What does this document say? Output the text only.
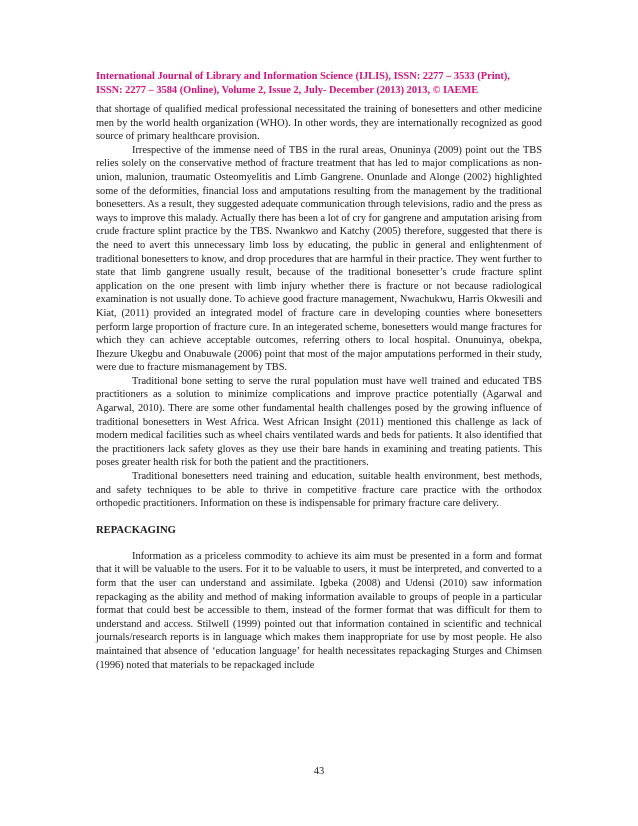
International Journal of Library and Information Science (IJLIS), ISSN: 2277 – 3533 (Print),
ISSN: 2277 – 3584 (Online), Volume 2, Issue 2, July- December (2013) 2013, © IAEME

that shortage of qualified medical professional necessitated the training of bonesetters and other medicine men by the world health organization (WHO). In other words, they are internationally recognized as good source of primary healthcare provision.

Irrespective of the immense need of TBS in the rural areas, Onuninya (2009) point out the TBS relies solely on the conservative method of fracture treatment that has led to major complications as non-union, malunion, traumatic Osteomyelitis and Limb Gangrene. Onunlade and Alonge (2002) highlighted some of the deformities, financial loss and amputations resulting from the management by the traditional bonesetters. As a result, they suggested adequate communication through televisions, radio and the press as ways to improve this malady. Actually there has been a lot of cry for gangrene and amputation arising from crude fracture splint practice by the TBS. Nwankwo and Katchy (2005) therefore, suggested that there is the need to avert this unnecessary limb loss by educating, the public in general and enlightenment of traditional bonesetters to know, and drop procedures that are harmful in their practice. They went further to state that limb gangrene usually result, because of the traditional bonesetter’s crude fracture splint application on the one present with limb injury whether there is fracture or not because radiological examination is not usually done. To achieve good fracture management, Nwachukwu, Harris Okwesili and Kiat, (2011) provided an integrated model of fracture care in developing counties where bonesetters perform large proportion of fracture cure. In an integerated scheme, bonesetters would mange fractures for which they can achieve acceptable outcomes, referring others to local hospital. Onunuinya, obekpa, Ihezure Ukegbu and Onabuwale (2006) point that most of the major amputations performed in their study, were due to fracture mismanagement by TBS.

Traditional bone setting to serve the rural population must have well trained and educated TBS practitioners as a solution to minimize complications and improve practice potentially (Agarwal and Agarwal, 2010). There are some other fundamental health challenges posed by the growing influence of traditional bonesetters in West Africa. West African Insight (2011) mentioned this challenge as lack of modern medical facilities such as wheel chairs ventilated wards and beds for patients. It also identified that the practitioners lack safety gloves as they use their bare hands in examining and treating patients. This poses greater health risk for both the patient and the practitioners.

Traditional bonesetters need training and education, suitable health environment, best methods, and safety techniques to be able to thrive in competitive fracture care practice with the orthodox orthopedic practitioners. Information on these is indispensable for primary fracture care delivery.

REPACKAGING

Information as a priceless commodity to achieve its aim must be presented in a form and format that it will be valuable to the users. For it to be valuable to users, it must be interpreted, and converted to a form that the user can understand and assimilate. Igbeka (2008) and Udensi (2010) saw information repackaging as the ability and method of making information available to groups of people in a particular format that could best be accessible to them, instead of the former format that was difficult for them to understand and access. Stilwell (1999) pointed out that information contained in scientific and technical journals/research reports is in language which makes them inappropriate for use by most people. He also maintained that absence of ‘education language’ for health necessitates repackaging Sturges and Chimsen (1996) noted that materials to be repackaged include

43
